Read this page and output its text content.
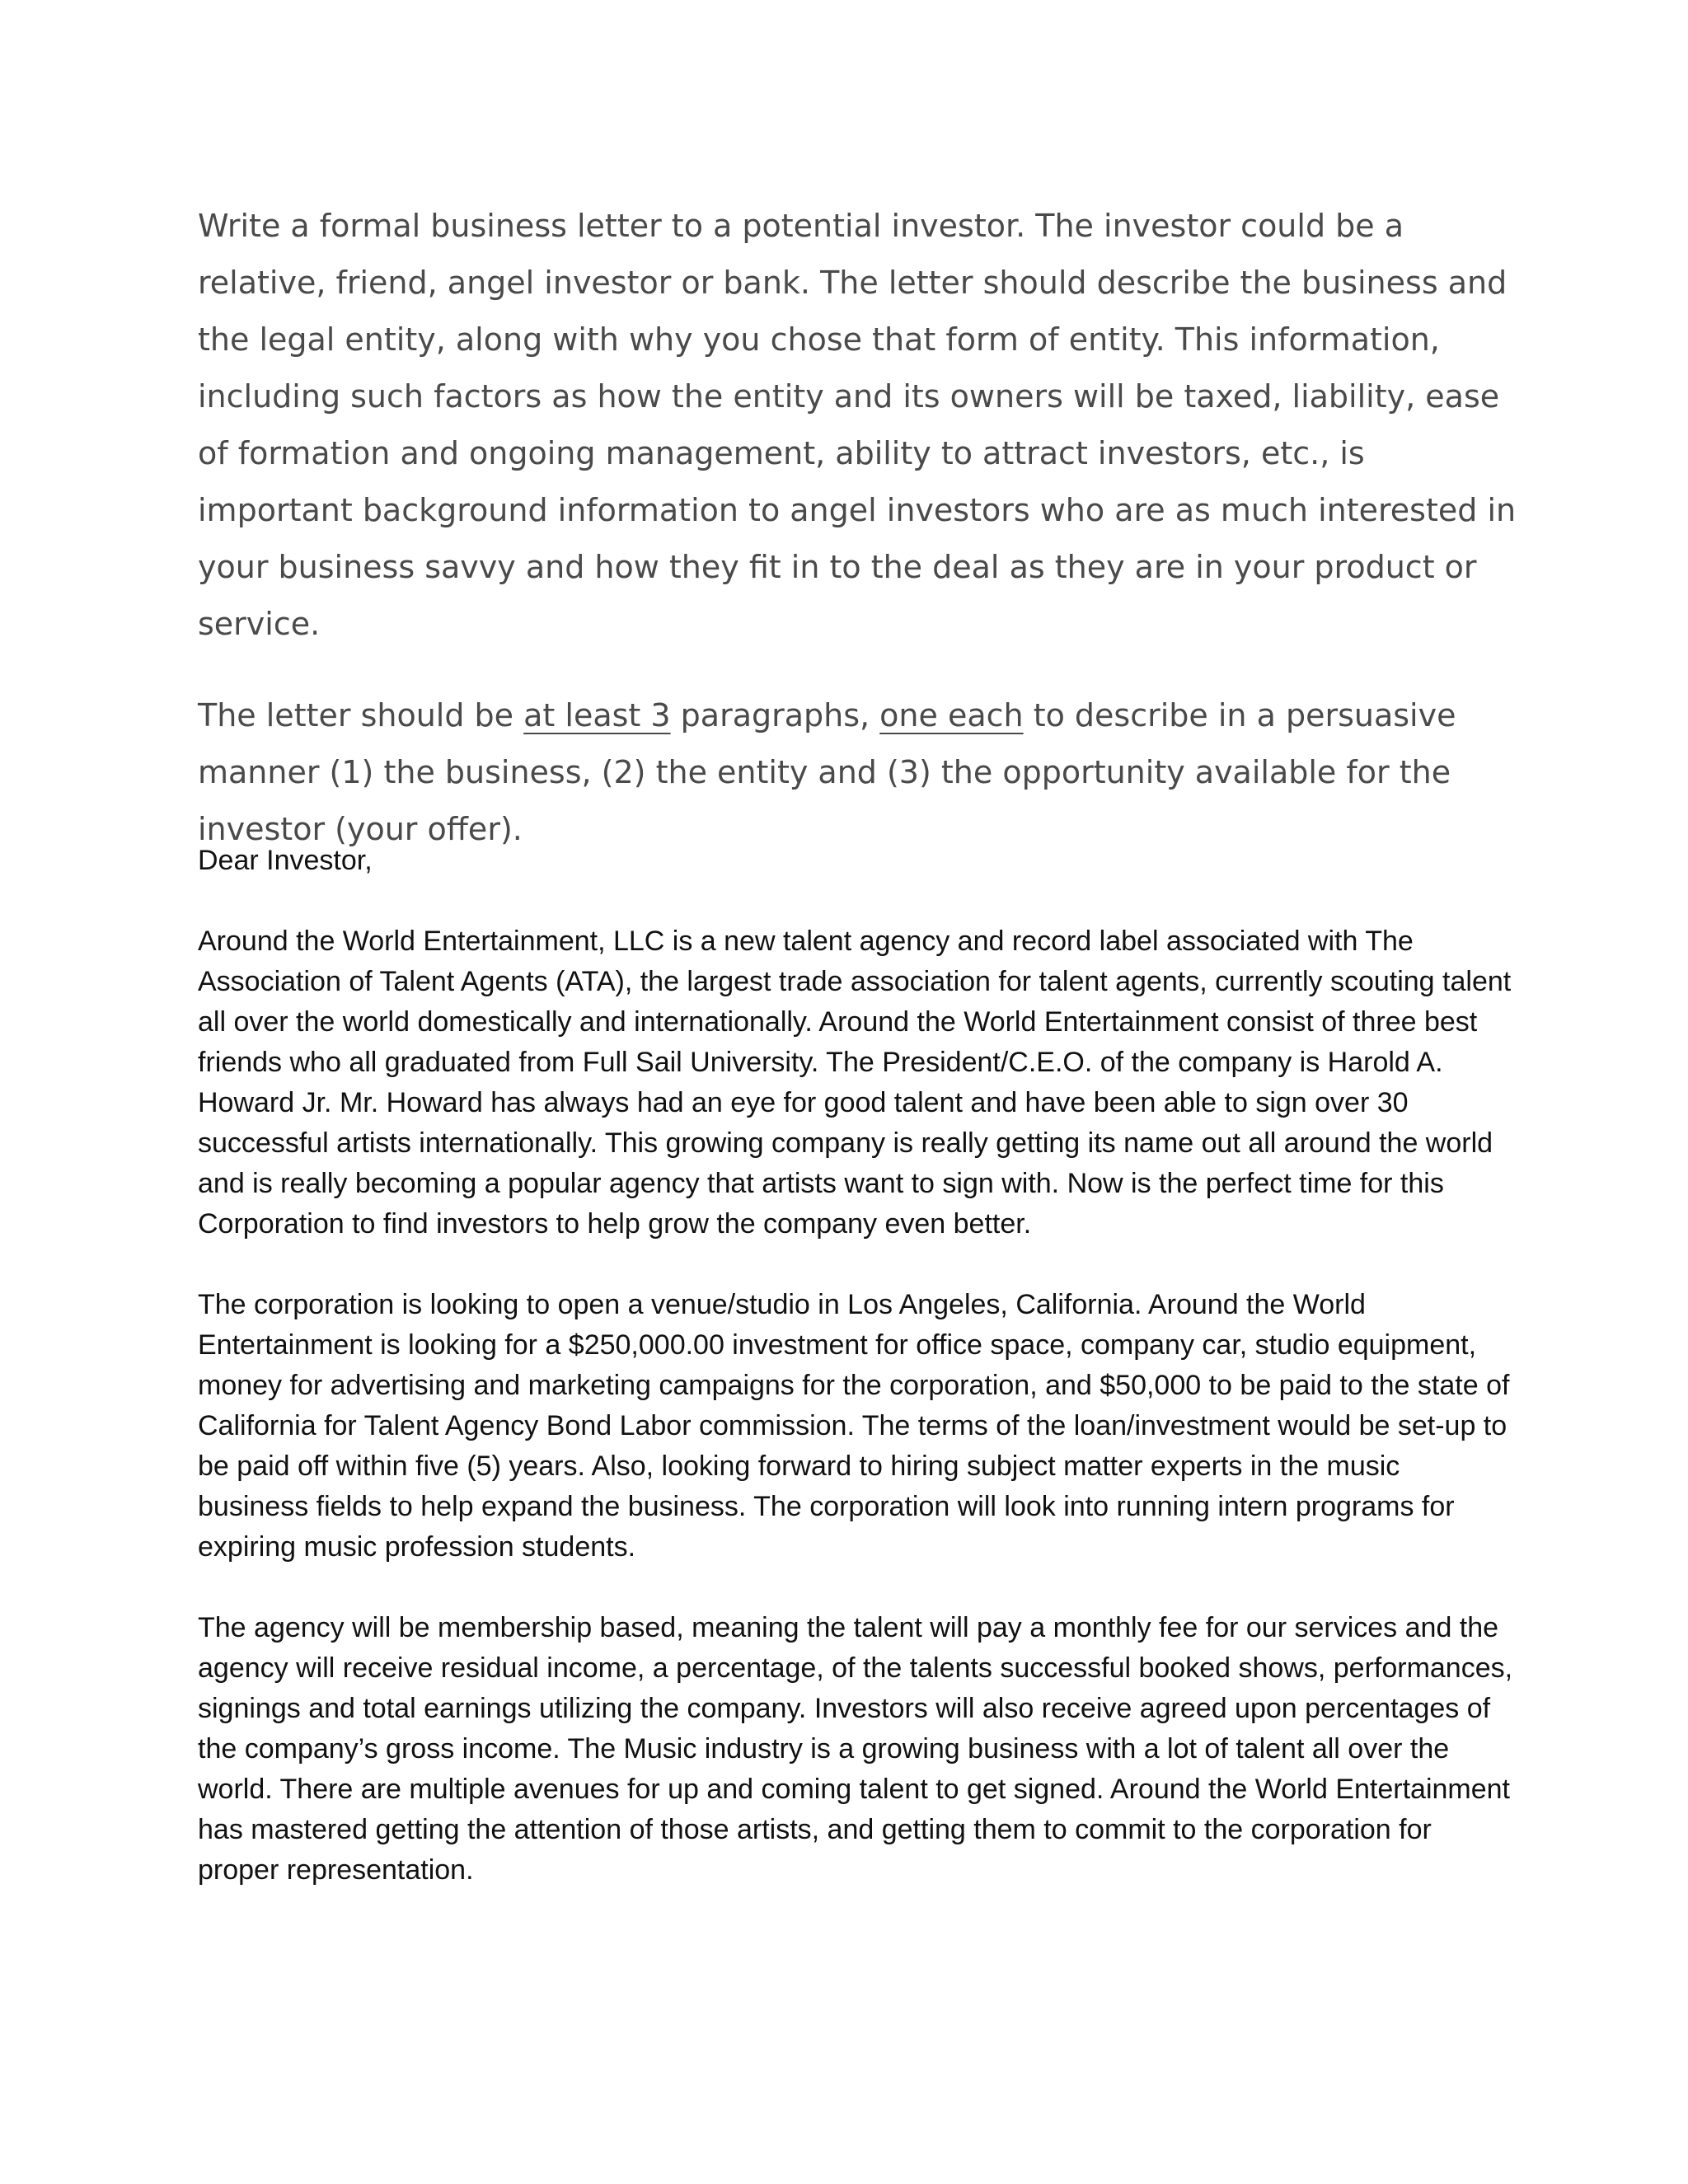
Write a formal business letter to a potential investor. The investor could be a relative, friend, angel investor or bank. The letter should describe the business and the legal entity, along with why you chose that form of entity. This information, including such factors as how the entity and its owners will be taxed, liability, ease of formation and ongoing management, ability to attract investors, etc., is important background information to angel investors who are as much interested in your business savvy and how they fit in to the deal as they are in your product or service.

The letter should be at least 3 paragraphs, one each to describe in a persuasive manner (1) the business, (2) the entity and (3) the opportunity available for the investor (your offer).

Dear Investor,

Around the World Entertainment, LLC is a new talent agency and record label associated with The Association of Talent Agents (ATA), the largest trade association for talent agents, currently scouting talent all over the world domestically and internationally. Around the World Entertainment consist of three best friends who all graduated from Full Sail University. The President/C.E.O. of the company is Harold A. Howard Jr. Mr. Howard has always had an eye for good talent and have been able to sign over 30 successful artists internationally. This growing company is really getting its name out all around the world and is really becoming a popular agency that artists want to sign with. Now is the perfect time for this Corporation to find investors to help grow the company even better.

The corporation is looking to open a venue/studio in Los Angeles, California. Around the World Entertainment is looking for a $250,000.00 investment for office space, company car, studio equipment, money for advertising and marketing campaigns for the corporation, and $50,000 to be paid to the state of California for Talent Agency Bond Labor commission. The terms of the loan/investment would be set-up to be paid off within five (5) years. Also, looking forward to hiring subject matter experts in the music business fields to help expand the business. The corporation will look into running intern programs for expiring music profession students.

The agency will be membership based, meaning the talent will pay a monthly fee for our services and the agency will receive residual income, a percentage, of the talents successful booked shows, performances, signings and total earnings utilizing the company. Investors will also receive agreed upon percentages of the company’s gross income. The Music industry is a growing business with a lot of talent all over the world. There are multiple avenues for up and coming talent to get signed. Around the World Entertainment has mastered getting the attention of those artists, and getting them to commit to the corporation for proper representation.
